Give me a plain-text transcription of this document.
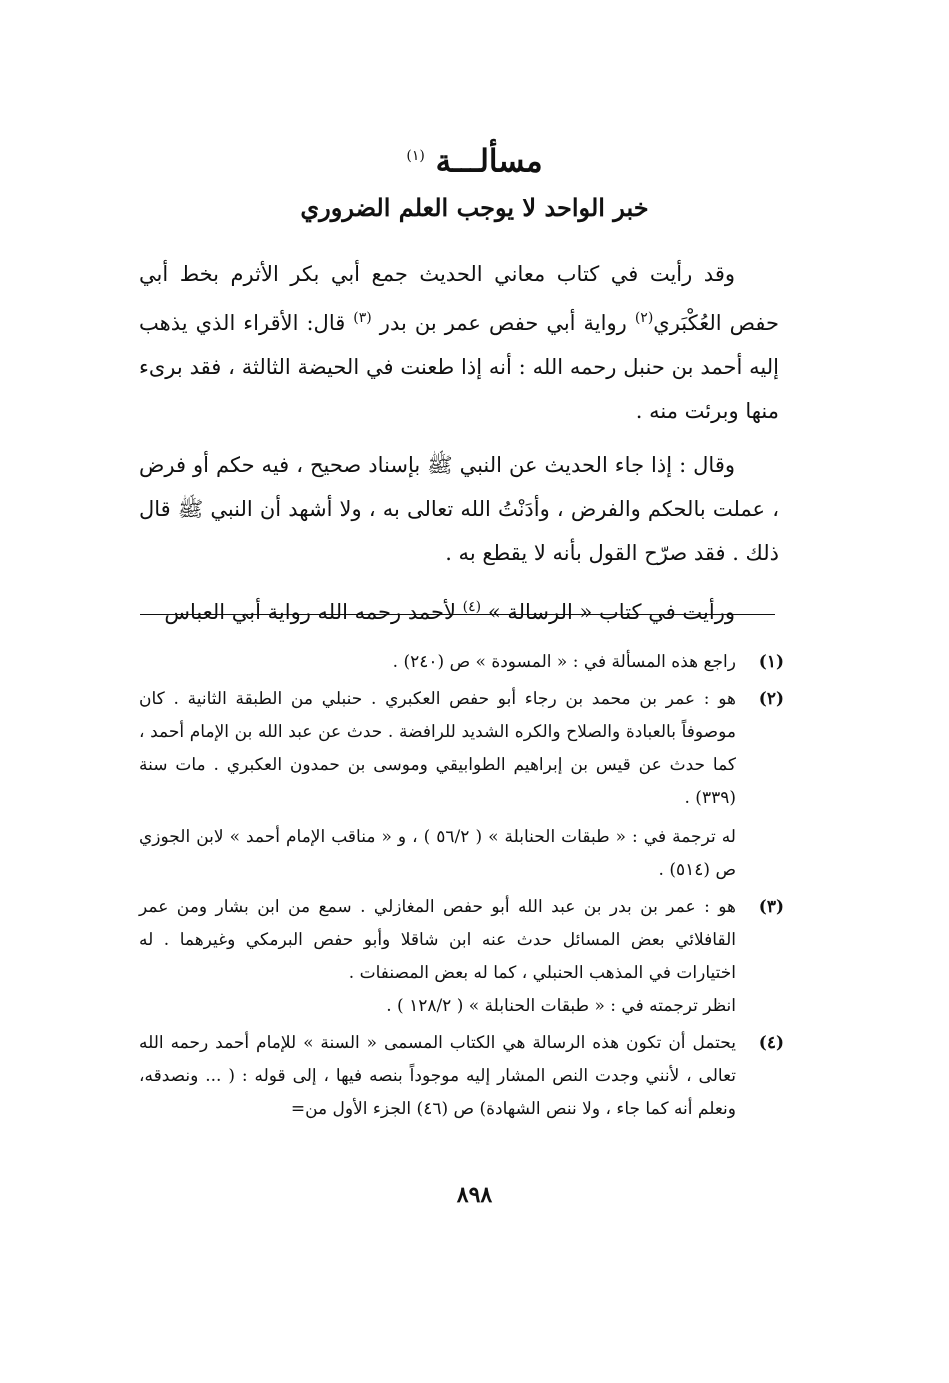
مسألـــة $^{(١)}$
خبر الواحد لا يوجب العلم الضروري

وقد رأيت في كتاب معاني الحديث جمع أبي بكر الأثرم بخط أبي حفص العُكْبَري$^{(٢)}$ رواية أبي حفص عمر بن بدر $^{(٣)}$ قال: الأقراء الذي يذهب إليه أحمد بن حنبل رحمه الله : أنه إذا طعنت في الحيضة الثالثة ، فقد برىء منها وبرئت منه .

وقال : إذا جاء الحديث عن النبي ﷺ بإسناد صحيح ، فيه حكم أو فرض ، عملت بالحكم والفرض ، وأدَنْتُ الله تعالى به ، ولا أشهد أن النبي ﷺ قال ذلك . فقد صرّح القول بأنه لا يقطع به .

ورأيت في كتاب « الرسالة » $^{(٤)}$ لأحمد رحمه الله رواية أبي العباس

(١)

راجع هذه المسألة في : « المسودة » ص (٢٤٠) .

(٢)

هو : عمر بن محمد بن رجاء أبو حفص العكبري . حنبلي من الطبقة الثانية . كان موصوفاً بالعبادة والصلاح والكره الشديد للرافضة . حدث عن عبد الله بن الإمام أحمد ، كما حدث عن قيس بن إبراهيم الطوابيقي وموسى بن حمدون العكبري . مات سنة (٣٣٩) .

له ترجمة في : « طبقات الحنابلة » ( ٥٦/٢ ) ، و « مناقب الإمام أحمد » لابن الجوزي ص (٥١٤) .

(٣)

هو : عمر بن بدر بن عبد الله أبو حفص المغازلي . سمع من ابن بشار ومن عمر القافلائي بعض المسائل حدث عنه ابن شاقلا وأبو حفص البرمكي وغيرهما . له اختيارات في المذهب الحنبلي ، كما له بعض المصنفات .

انظر ترجمته في : « طبقات الحنابلة » ( ١٢٨/٢ ) .

(٤)

يحتمل أن تكون هذه الرسالة هي الكتاب المسمى « السنة » للإمام أحمد رحمه الله تعالى ، لأنني وجدت النص المشار إليه موجوداً بنصه فيها ، إلى قوله : ( ... ونصدقه، ونعلم أنه كما جاء ، ولا ننص الشهادة) ص (٤٦) الجزء الأول من=

٨٩٨
